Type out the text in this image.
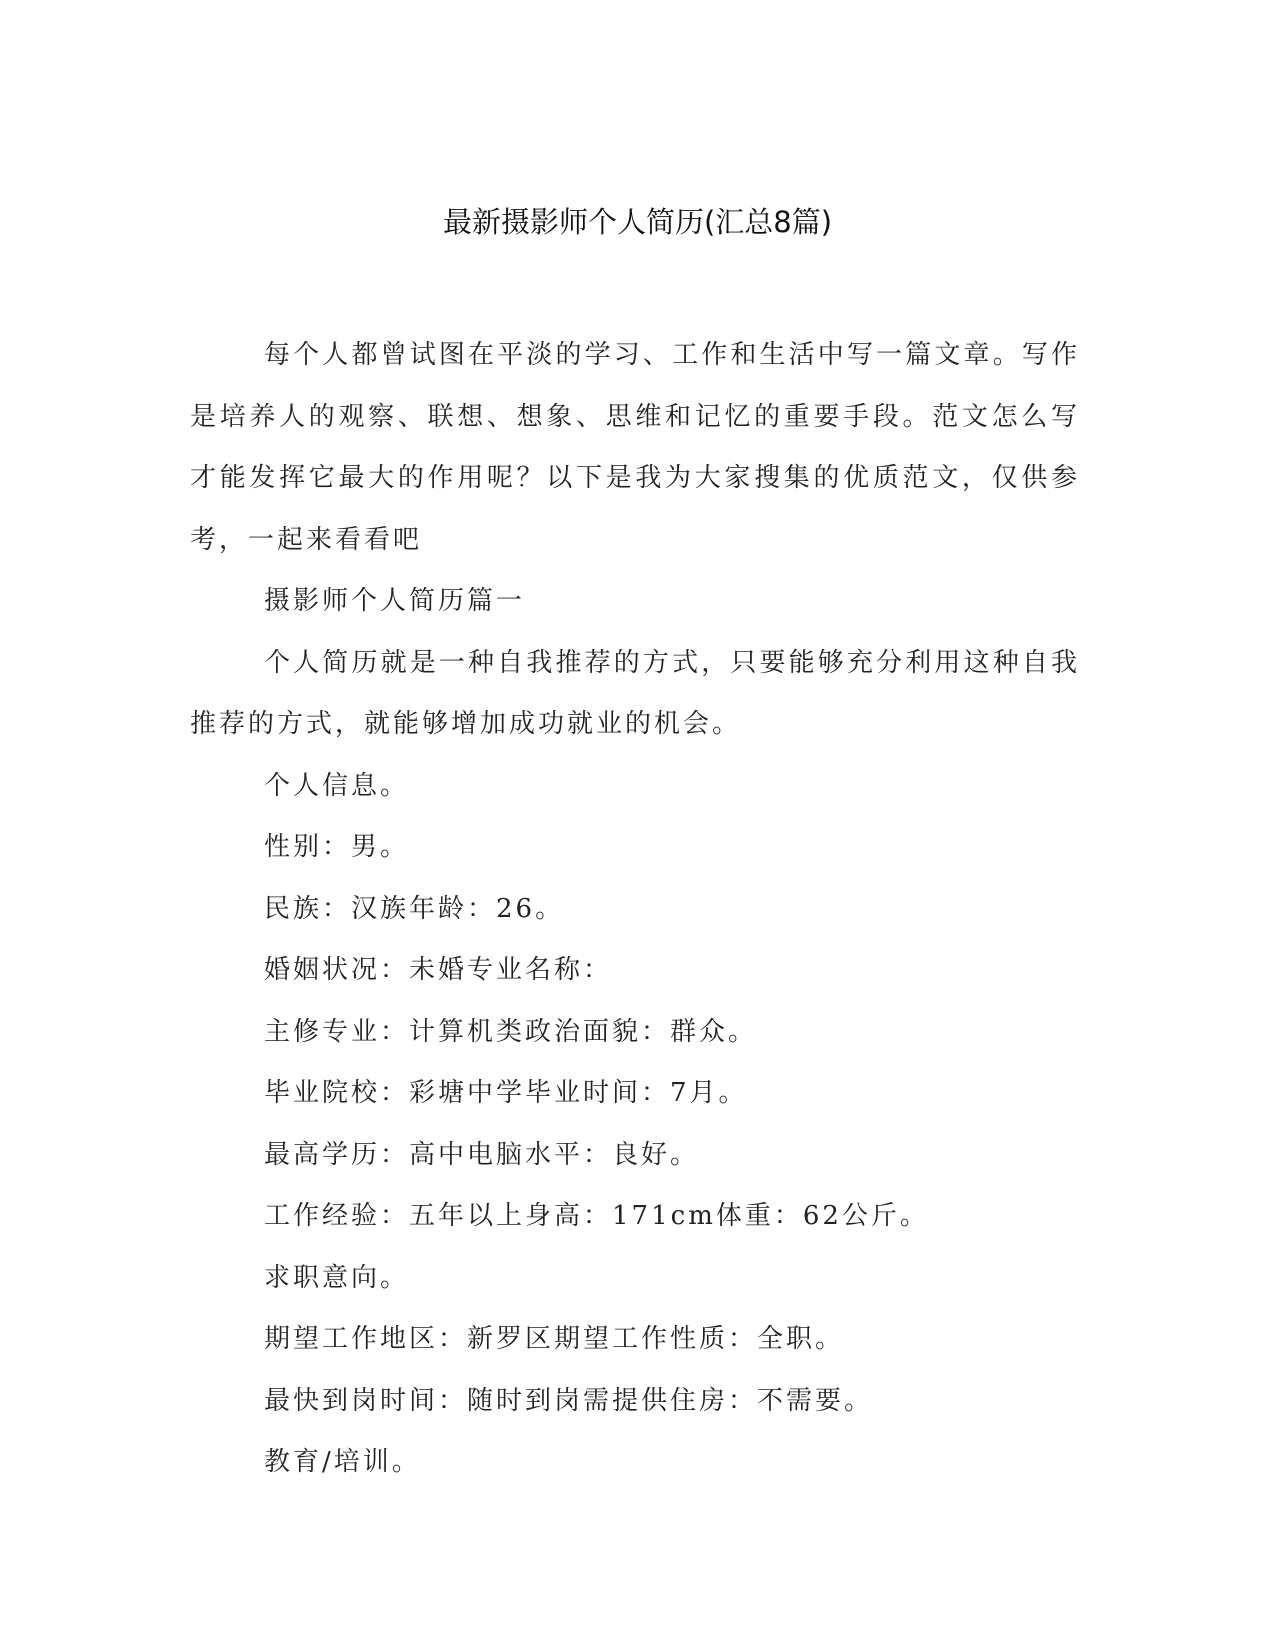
最新摄影师个人简历(汇总8篇)

每个人都曾试图在平淡的学习、工作和生活中写一篇文章。写作是培养人的观察、联想、想象、思维和记忆的重要手段。范文怎么写才能发挥它最大的作用呢？以下是我为大家搜集的优质范文，仅供参考，一起来看看吧

摄影师个人简历篇一

个人简历就是一种自我推荐的方式，只要能够充分利用这种自我推荐的方式，就能够增加成功就业的机会。

个人信息。

性别：男。

民族：汉族年龄：26。

婚姻状况：未婚专业名称：

主修专业：计算机类政治面貌：群众。

毕业院校：彩塘中学毕业时间：7月。

最高学历：高中电脑水平：良好。

工作经验：五年以上身高：171cm体重：62公斤。

求职意向。

期望工作地区：新罗区期望工作性质：全职。

最快到岗时间：随时到岗需提供住房：不需要。

教育/培训。
